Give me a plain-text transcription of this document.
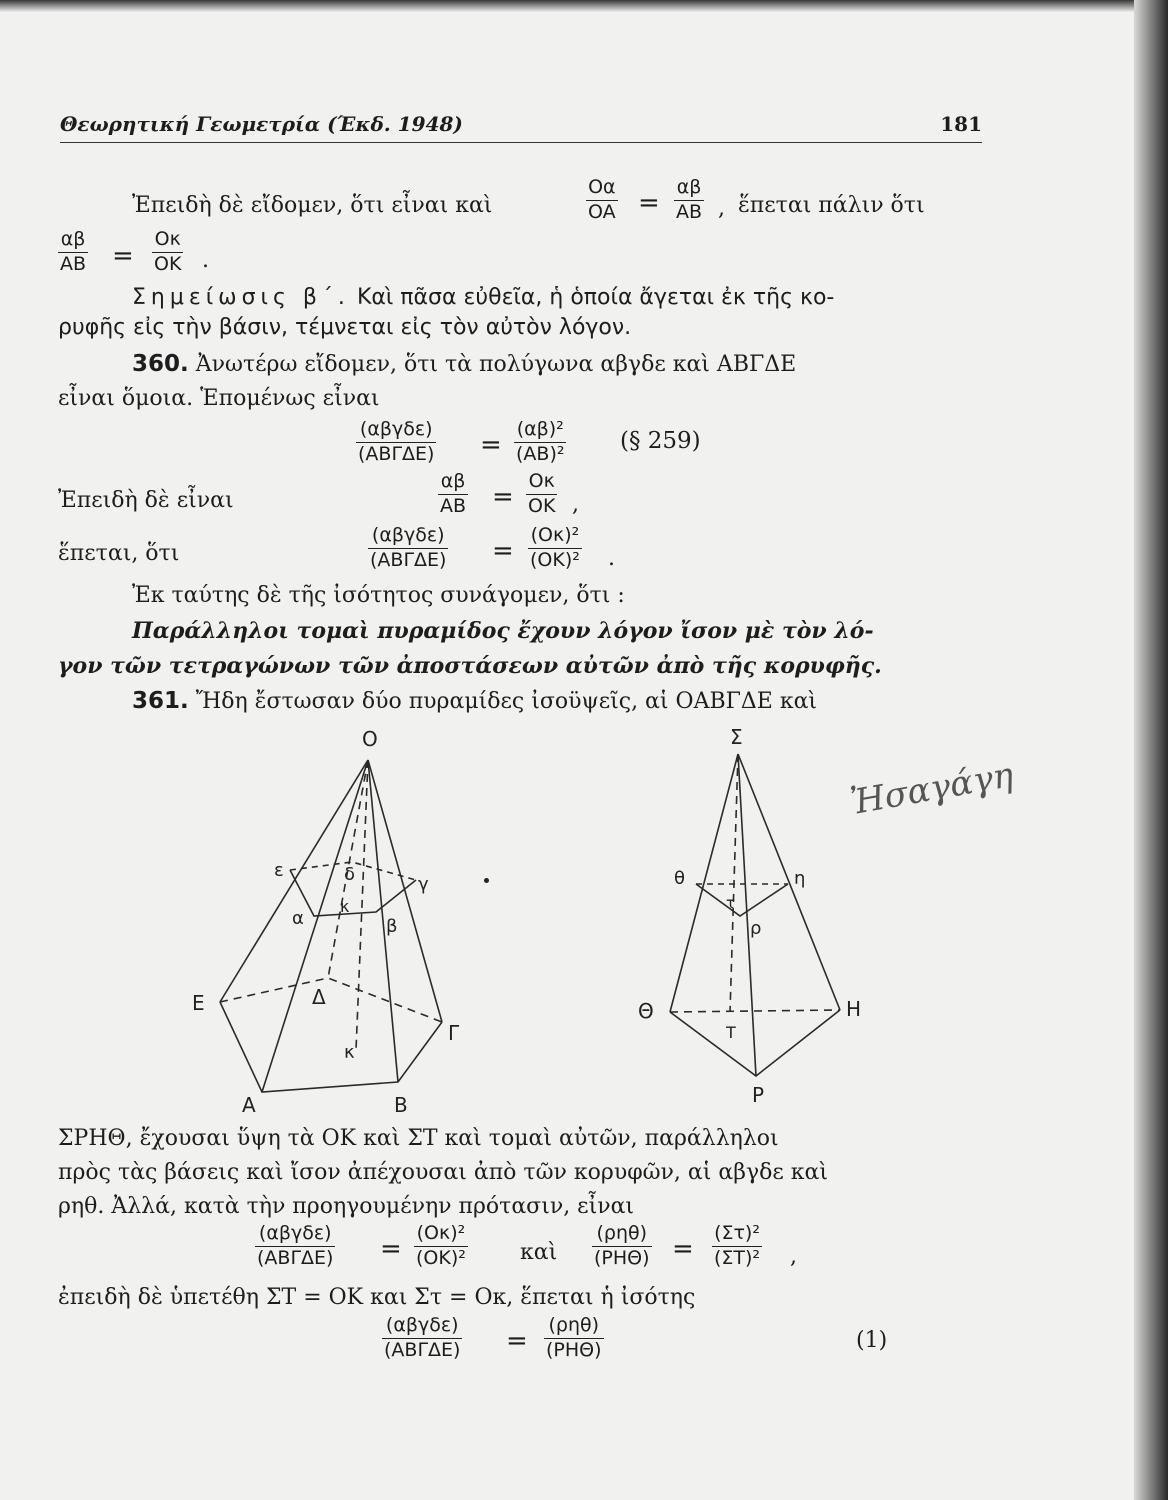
Θεωρητική Γεωμετρία (Έκδ. 1948)	181
Ἐπειδὴ δὲ εἴδομεν, ὅτι εἶναι καὶ	$\frac{O\alpha}{OA} = \frac{\alpha\beta}{AB}$ , ἕπεται πάλιν ὅτι
$\frac{\alpha\beta}{AB} = \frac{O\kappa}{OK}$ .
Σημείωσις β΄. Καὶ πᾶσα εὐθεῖα, ἡ ὁποία ἄγεται ἐκ τῆς κο-
ρυφῆς εἰς τὴν βάσιν, τέμνεται εἰς τὸν αὐτὸν λόγον.
360. Ἀνωτέρω εἴδομεν, ὅτι τὰ πολύγωνα αβγδε καὶ ΑΒΓΔΕ
εἶναι ὅμοια. Ἑπομένως εἶναι
(αβγδε)
$(AB\Gamma\Delta E) = \frac{\text{(αβ)²}}{\text{(AB)²}}$ (§ 259)
Ἐπειδὴ δὲ εἶναι	$\frac{\alpha\beta}{AB} = \frac{O\kappa}{OK}$ ,
ἕπεται, ὅτι
(αβγδε)
$(AB\Gamma\Delta E) = \frac{\text{(Oκ)²}}{\text{(OK)²}}$ .
Ἐκ ταύτης δὲ τῆς ἰσότητος συνάγομεν, ὅτι :
Παράλληλοι τομαὶ πυραμίδος ἔχουν λόγον ἴσον μὲ τὸν λό-
γον τῶν τετραγώνων τῶν ἀποστάσεων αὐτῶν ἀπὸ τῆς κορυφῆς.
361. Ἤδη ἔστωσαν δύο πυραμίδες ἰσοϋψεῖς, αἱ ΟΑΒΓΔΕ καὶ
O
A	B
Γ
Δ
Ε
κ
α	β
γ
δ
ε
κ
Σ
P
H
Θ
T
ρ
η
θ
τ
Ἠσαγάγη
ΣΡΗΘ, ἔχουσαι ὕψη τὰ ΟΚ καὶ ΣΤ καὶ τομαὶ αὐτῶν, παράλληλοι
πρὸς τὰς βάσεις καὶ ἴσον ἀπέχουσαι ἀπὸ τῶν κορυφῶν, αἱ αβγδε καὶ
ρηθ. Ἀλλά, κατὰ τὴν προηγουμένην πρότασιν, εἶναι
(αβγδε)
$(AB\Gamma\Delta E) = \frac{\text{(Oκ)²}}{\text{(OK)²}}$ καὶ
(ρηθ)
$(PH\Theta) = \frac{\text{(Στ)²}}{\text{(ΣΤ)²}}$ ,
ἐπειδὴ δὲ ὑπετέθη ΣΤ = ΟΚ και Στ = Οκ, ἕπεται ἡ ἰσότης
(αβγδε)
(ΑΒΓΔΕ) =
(ρηθ)
(ΡΗΘ)	(1)
